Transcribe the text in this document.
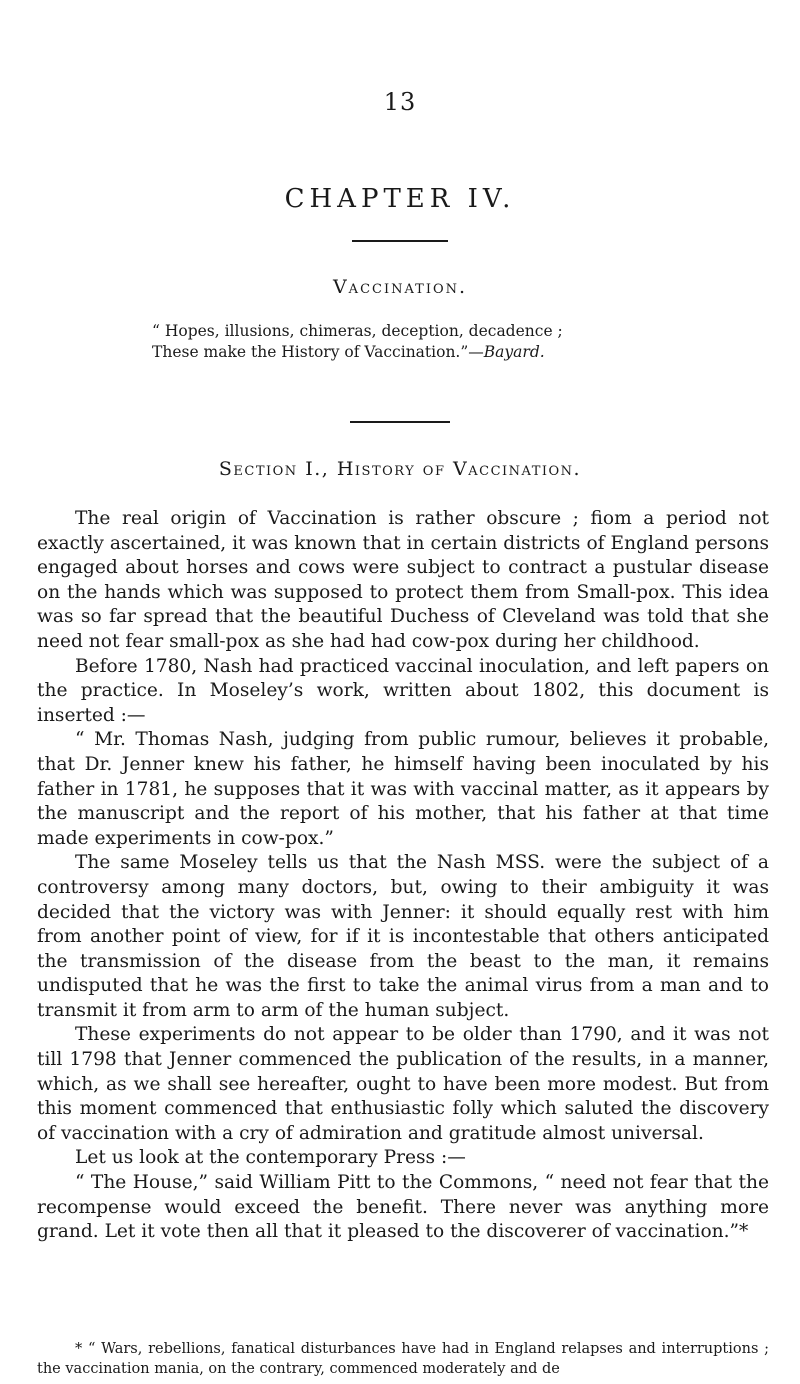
13
CHAPTER IV.
Vaccination.
“ Hopes, illusions, chimeras, deception, decadence ;
These make the History of Vaccination.”—Bayard.
Section I., History of Vaccination.

The real origin of Vaccination is rather obscure ; fiom a period not exactly ascertained, it was known that in certain districts of England persons engaged about horses and cows were subject to contract a pustular disease on the hands which was supposed to protect them from Small-pox. This idea was so far spread that the beautiful Duchess of Cleveland was told that she need not fear small-pox as she had had cow-pox during her childhood.

Before 1780, Nash had practiced vaccinal inoculation, and left papers on the practice. In Moseley’s work, written about 1802, this document is inserted :—

“ Mr. Thomas Nash, judging from public rumour, believes it probable, that Dr. Jenner knew his father, he himself having been inoculated by his father in 1781, he supposes that it was with vaccinal matter, as it appears by the manuscript and the report of his mother, that his father at that time made experiments in cow-pox.”

The same Moseley tells us that the Nash MSS. were the subject of a controversy among many doctors, but, owing to their ambiguity it was decided that the victory was with Jenner: it should equally rest with him from another point of view, for if it is incontestable that others anticipated the transmission of the disease from the beast to the man, it remains undisputed that he was the first to take the animal virus from a man and to transmit it from arm to arm of the human subject.

These experiments do not appear to be older than 1790, and it was not till 1798 that Jenner commenced the publication of the results, in a manner, which, as we shall see hereafter, ought to have been more modest. But from this moment commenced that enthusiastic folly which saluted the discovery of vaccination with a cry of admiration and gratitude almost universal.

Let us look at the contemporary Press :—

“ The House,” said William Pitt to the Commons, “ need not fear that the recompense would exceed the benefit. There never was anything more grand. Let it vote then all that it pleased to the discoverer of vaccination.”*

* “ Wars, rebellions, fanatical disturbances have had in England relapses and interruptions ; the vaccination mania, on the contrary, commenced moderately and de
